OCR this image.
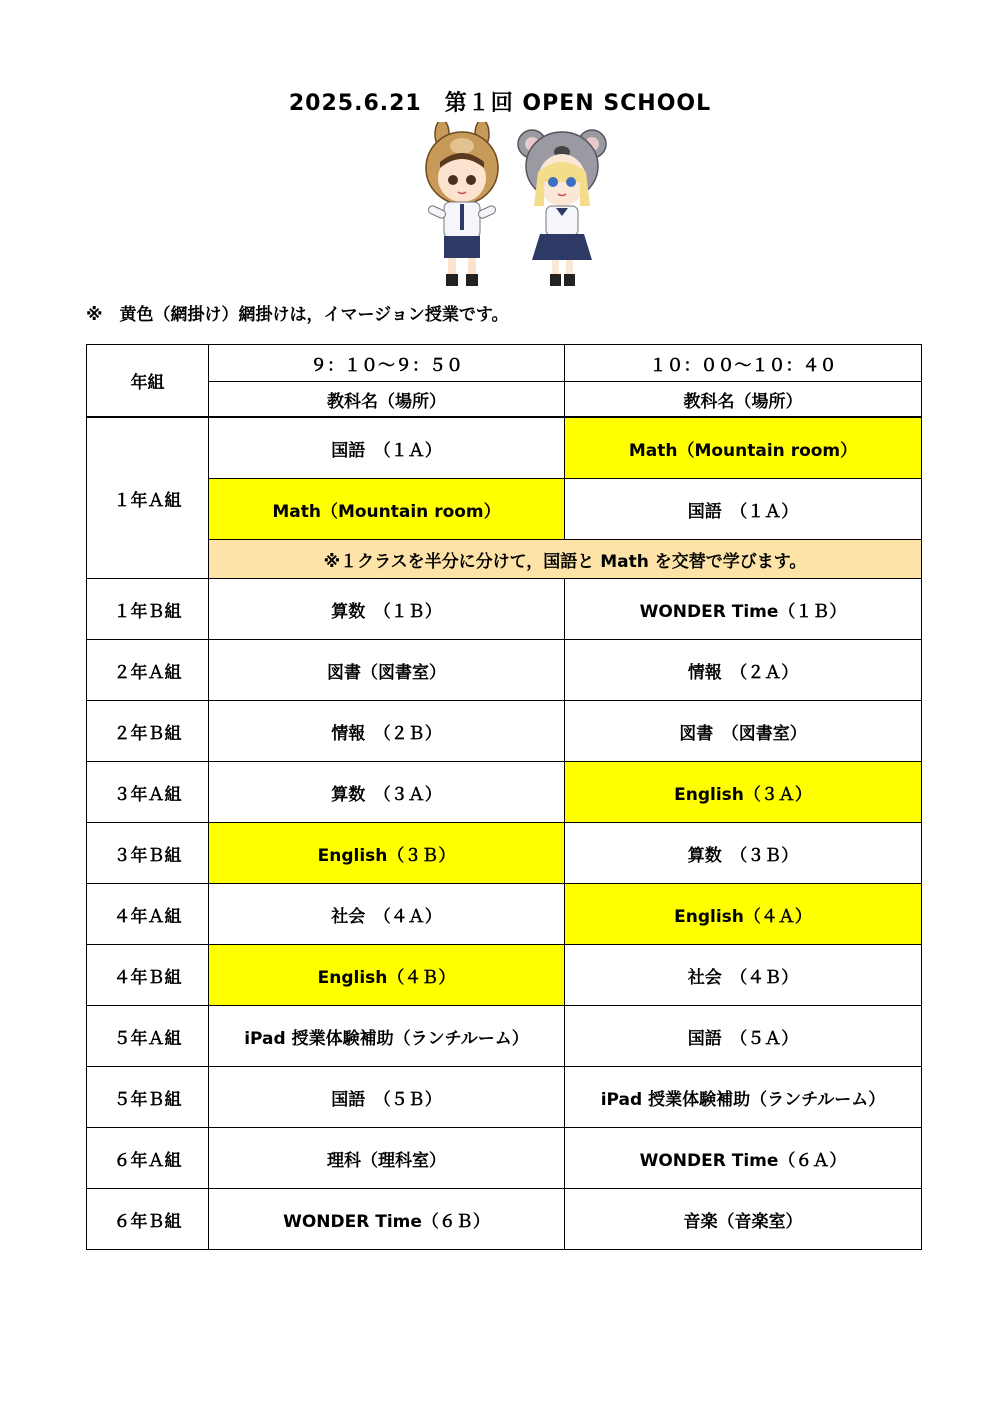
2025.6.21　第１回 OPEN SCHOOL
※　黄色（網掛け）網掛けは，イマージョン授業です。
年組	９：１０～９：５０	１０：００～１０：４０
	教科名（場所）	教科名（場所）
１年Ａ組	国語　（１Ａ）	Math（Mountain room）
	Math（Mountain room）	国語　（１Ａ）
	※１クラスを半分に分けて，国語と Math を交替で学びます。	
１年Ｂ組	算数　（１Ｂ）	WONDER Time（１Ｂ）
２年Ａ組	図書（図書室）	情報　（２Ａ）
２年Ｂ組	情報　（２Ｂ）	図書　（図書室）
３年Ａ組	算数　（３Ａ）	English（３Ａ）
３年Ｂ組	English（３Ｂ）	算数　（３Ｂ）
４年Ａ組	社会　（４Ａ）	English（４Ａ）
４年Ｂ組	English（４Ｂ）	社会　（４Ｂ）
５年Ａ組	iPad 授業体験補助（ランチルーム）	国語　（５Ａ）
５年Ｂ組	国語　（５Ｂ）	iPad 授業体験補助（ランチルーム）
６年Ａ組	理科（理科室）	WONDER Time（６Ａ）
６年Ｂ組	WONDER Time（６Ｂ）	音楽（音楽室）
